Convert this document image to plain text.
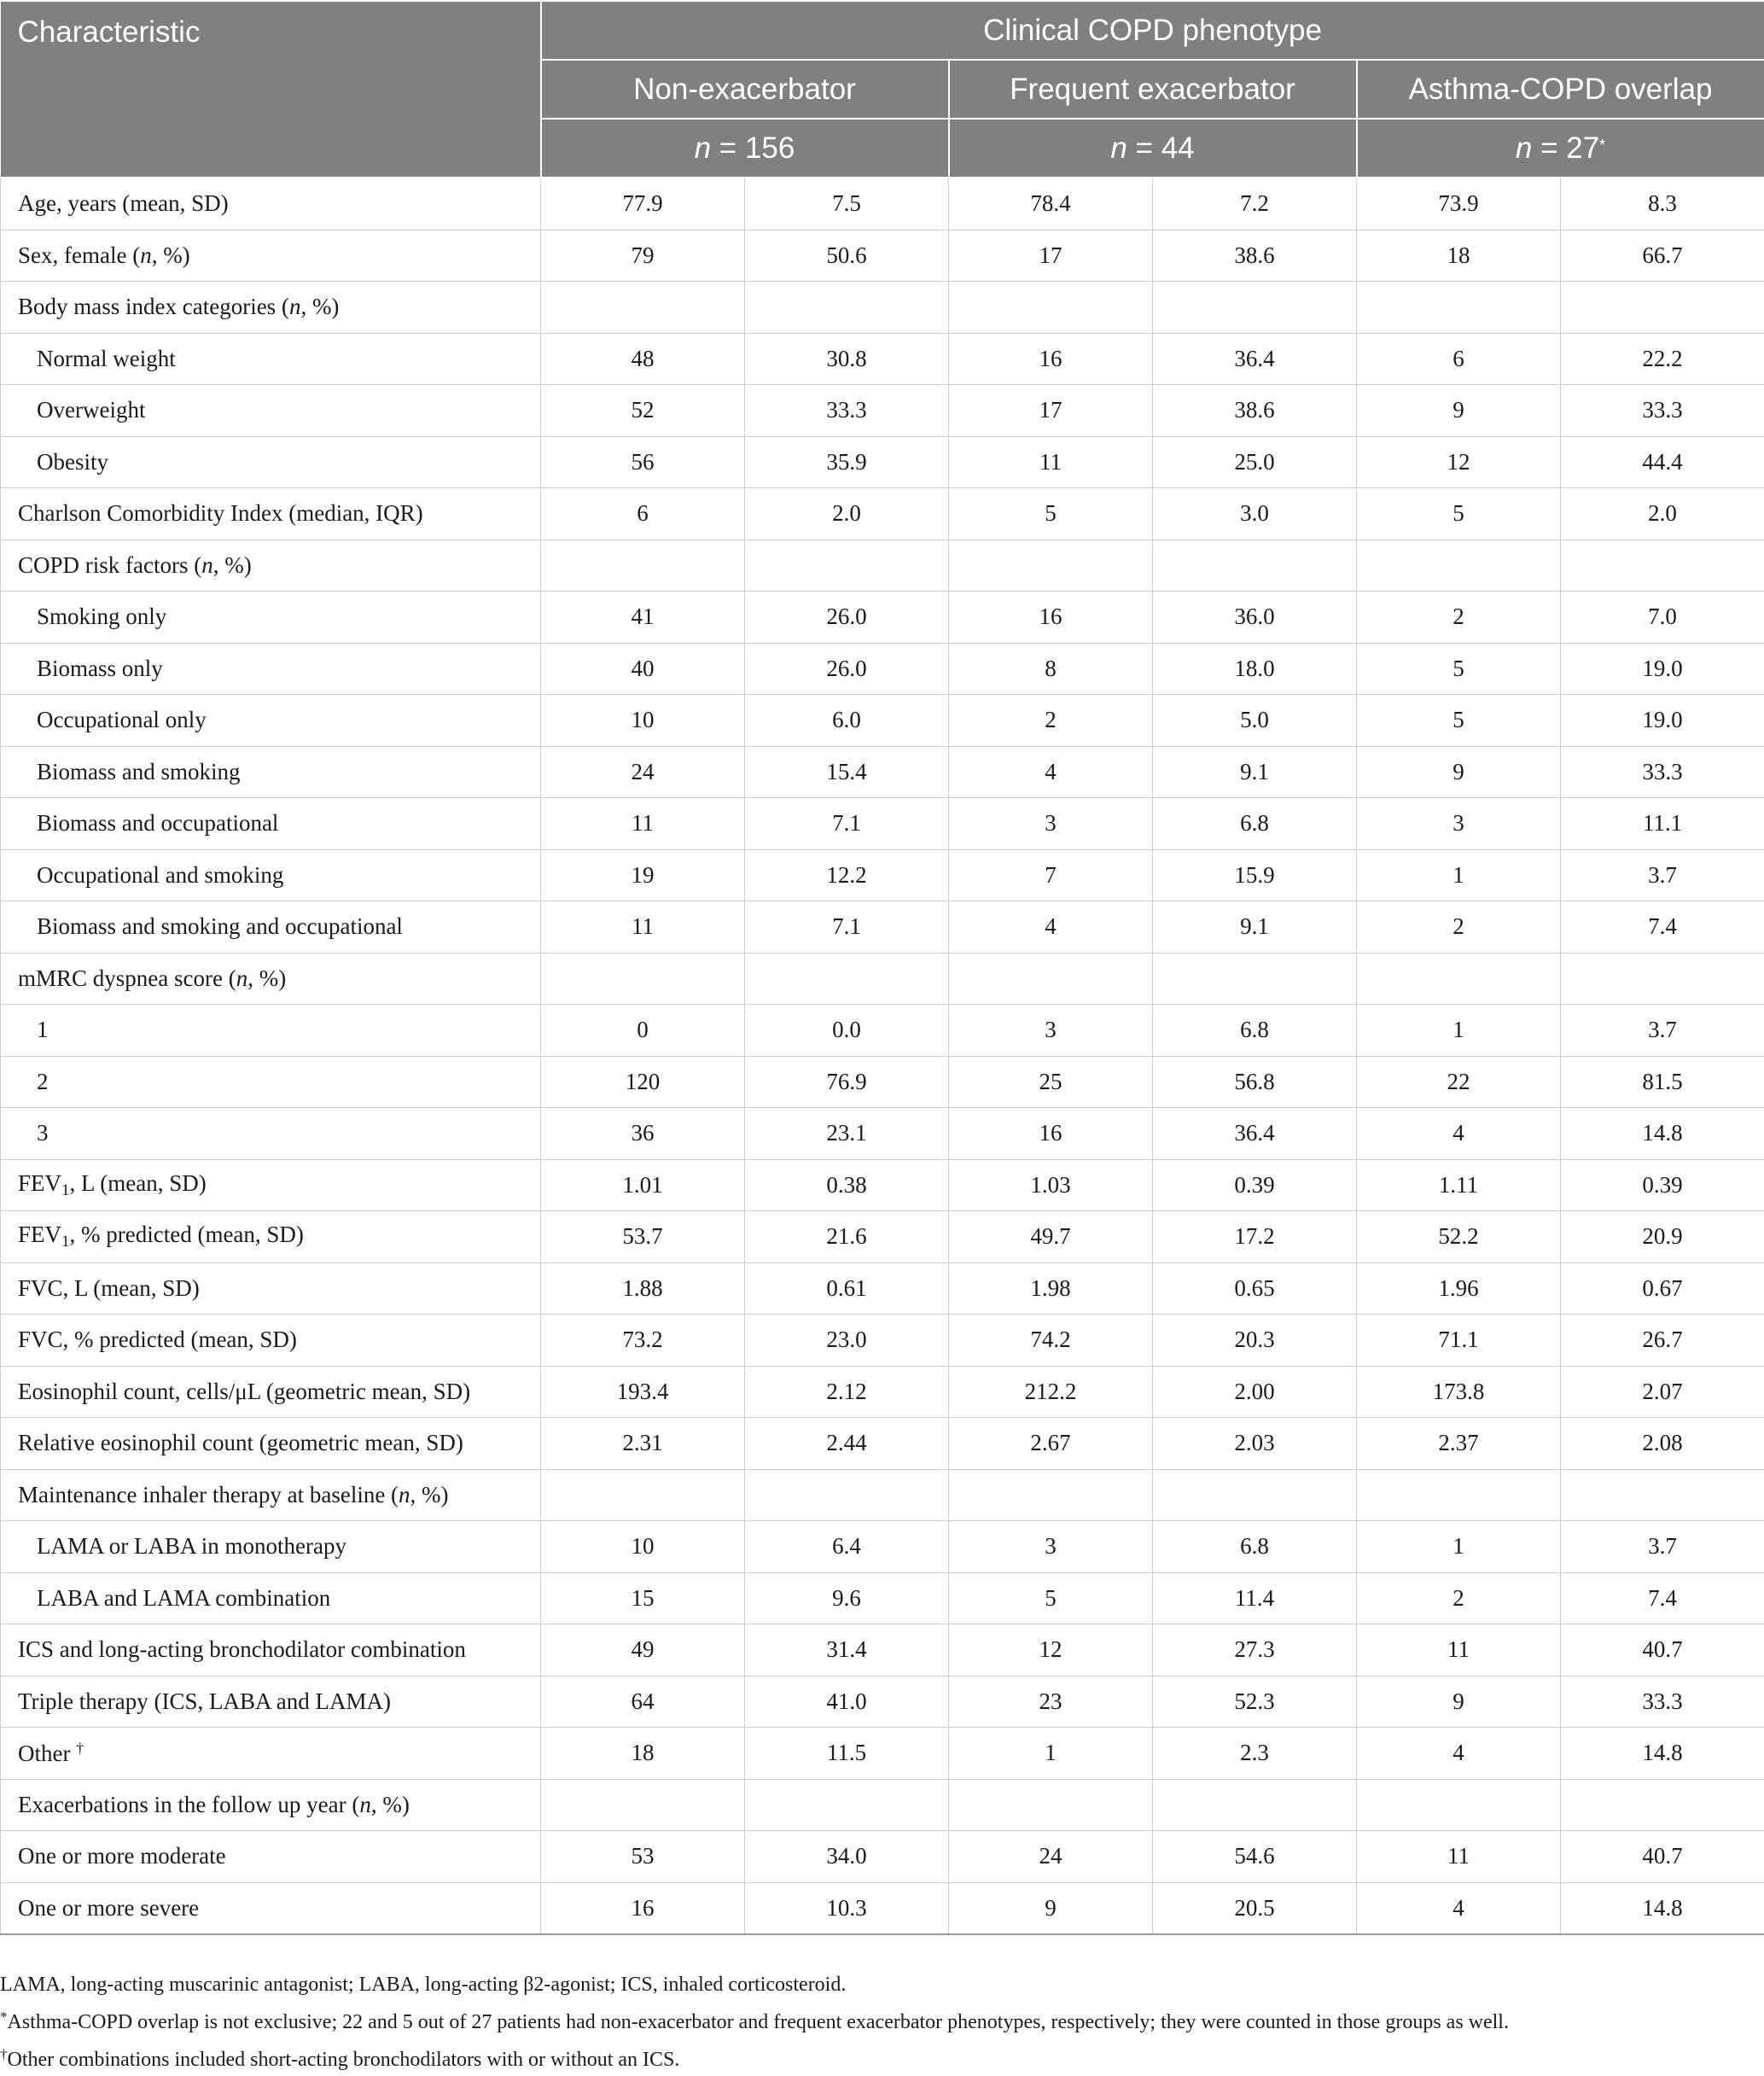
Characteristic	Clinical COPD phenotype					
	Non-exacerbator		Frequent exacerbator		Asthma-COPD overlap	
	n = 156		n = 44		n = 27*
Age, years (mean, SD)	77.9	7.5	78.4	7.2	73.9	8.3
Sex, female (n, %)	79	50.6	17	38.6	18	66.7
Body mass index categories (n, %)						
Normal weight	48	30.8	16	36.4	6	22.2
Overweight	52	33.3	17	38.6	9	33.3
Obesity	56	35.9	11	25.0	12	44.4
Charlson Comorbidity Index (median, IQR)	6	2.0	5	3.0	5	2.0
COPD risk factors (n, %)						
Smoking only	41	26.0	16	36.0	2	7.0
Biomass only	40	26.0	8	18.0	5	19.0
Occupational only	10	6.0	2	5.0	5	19.0
Biomass and smoking	24	15.4	4	9.1	9	33.3
Biomass and occupational	11	7.1	3	6.8	3	11.1
Occupational and smoking	19	12.2	7	15.9	1	3.7
Biomass and smoking and occupational	11	7.1	4	9.1	2	7.4
mMRC dyspnea score (n, %)						
1	0	0.0	3	6.8	1	3.7
2	120	76.9	25	56.8	22	81.5
3	36	23.1	16	36.4	4	14.8
FEV1, L (mean, SD)	1.01	0.38	1.03	0.39	1.11	0.39
FEV1, % predicted (mean, SD)	53.7	21.6	49.7	17.2	52.2	20.9
FVC, L (mean, SD)	1.88	0.61	1.98	0.65	1.96	0.67
FVC, % predicted (mean, SD)	73.2	23.0	74.2	20.3	71.1	26.7
Eosinophil count, cells/μL (geometric mean, SD)	193.4	2.12	212.2	2.00	173.8	2.07
Relative eosinophil count (geometric mean, SD)	2.31	2.44	2.67	2.03	2.37	2.08
Maintenance inhaler therapy at baseline (n, %)						
LAMA or LABA in monotherapy	10	6.4	3	6.8	1	3.7
LABA and LAMA combination	15	9.6	5	11.4	2	7.4
ICS and long-acting bronchodilator combination	49	31.4	12	27.3	11	40.7
Triple therapy (ICS, LABA and LAMA)	64	41.0	23	52.3	9	33.3
Other †	18	11.5	1	2.3	4	14.8
Exacerbations in the follow up year (n, %)						
One or more moderate	53	34.0	24	54.6	11	40.7
One or more severe	16	10.3	9	20.5	4	14.8

LAMA, long-acting muscarinic antagonist; LABA, long-acting β2-agonist; ICS, inhaled corticosteroid.

*Asthma-COPD overlap is not exclusive; 22 and 5 out of 27 patients had non-exacerbator and frequent exacerbator phenotypes, respectively; they were counted in those groups as well.

†Other combinations included short-acting bronchodilators with or without an ICS.
